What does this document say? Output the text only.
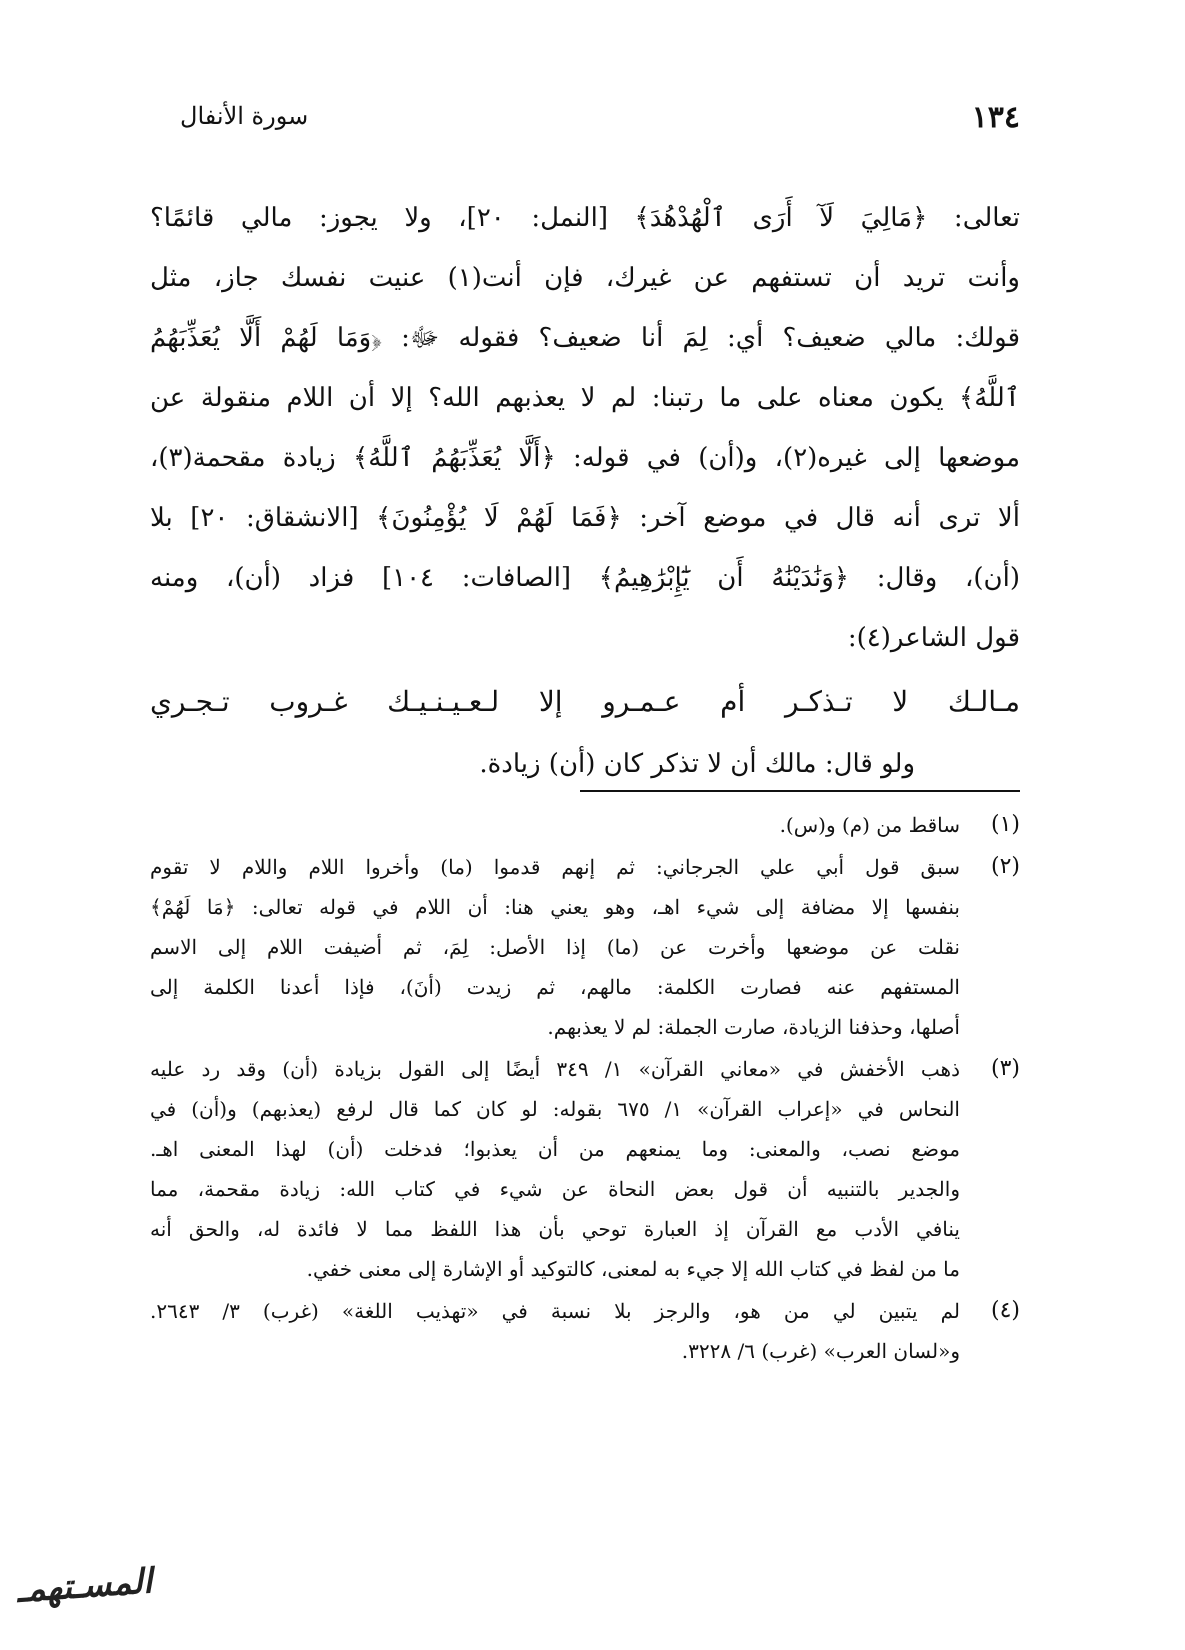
١٣٤
سورة الأنفال
تعالى: ﴿مَالِيَ لَآ أَرَى ٱلْهُدْهُدَ﴾ [النمل: ٢٠]، ولا يجوز: مالي قائمًا؟
وأنت تريد أن تستفهم عن غيرك، فإن أنت(١) عنيت نفسك جاز، مثل
قولك: مالي ضعيف؟ أي: لِمَ أنا ضعيف؟ فقوله ﷻ: ﴿وَمَا لَهُمْ أَلَّا يُعَذِّبَهُمُ
ٱللَّهُ﴾ يكون معناه على ما رتبنا: لم لا يعذبهم الله؟ إلا أن اللام منقولة عن
موضعها إلى غيره(٢)، و(أن) في قوله: ﴿أَلَّا يُعَذِّبَهُمُ ٱللَّهُ﴾ زيادة مقحمة(٣)،
ألا ترى أنه قال في موضع آخر: ﴿فَمَا لَهُمْ لَا يُؤْمِنُونَ﴾ [الانشقاق: ٢٠] بلا
(أن)، وقال: ﴿وَنَٰدَيْنَٰهُ أَن يَٰٓإِبْرَٰهِيمُ﴾ [الصافات: ١٠٤] فزاد (أن)، ومنه
قول الشاعر(٤):
مـالـك لا تـذكـر أم عـمـرو إلا لـعـيـنـيـك غـروب تـجـري
ولو قال: مالك أن لا تذكر كان (أن) زيادة.
(١)
ساقط من (م) و(س).
(٢)
سبق قول أبي علي الجرجاني: ثم إنهم قدموا (ما) وأخروا اللام واللام لا تقوم
بنفسها إلا مضافة إلى شيء اهـ، وهو يعني هنا: أن اللام في قوله تعالى: ﴿مَا لَهُمْ﴾
نقلت عن موضعها وأخرت عن (ما) إذا الأصل: لِمَ، ثم أضيفت اللام إلى الاسم
المستفهم عنه فصارت الكلمة: مالهم، ثم زيدت (أنَ)، فإذا أعدنا الكلمة إلى
أصلها، وحذفنا الزيادة، صارت الجملة: لم لا يعذبهم.
(٣)
ذهب الأخفش في «معاني القرآن» ١/ ٣٤٩ أيضًا إلى القول بزيادة (أن) وقد رد عليه
النحاس في «إعراب القرآن» ١/ ٦٧٥ بقوله: لو كان كما قال لرفع (يعذبهم) و(أن) في
موضع نصب، والمعنى: وما يمنعهم من أن يعذبوا؛ فدخلت (أن) لهذا المعنى اهـ.
والجدير بالتنبيه أن قول بعض النحاة عن شيء في كتاب الله: زيادة مقحمة، مما
ينافي الأدب مع القرآن إذ العبارة توحي بأن هذا اللفظ مما لا فائدة له، والحق أنه
ما من لفظ في كتاب الله إلا جيء به لمعنى، كالتوكيد أو الإشارة إلى معنى خفي.
(٤)
لم يتبين لي من هو، والرجز بلا نسبة في «تهذيب اللغة» (غرب) ٣/ ٢٦٤٣.
و«لسان العرب» (غرب) ٦/ ٣٢٢٨.
المسـتهمـ
